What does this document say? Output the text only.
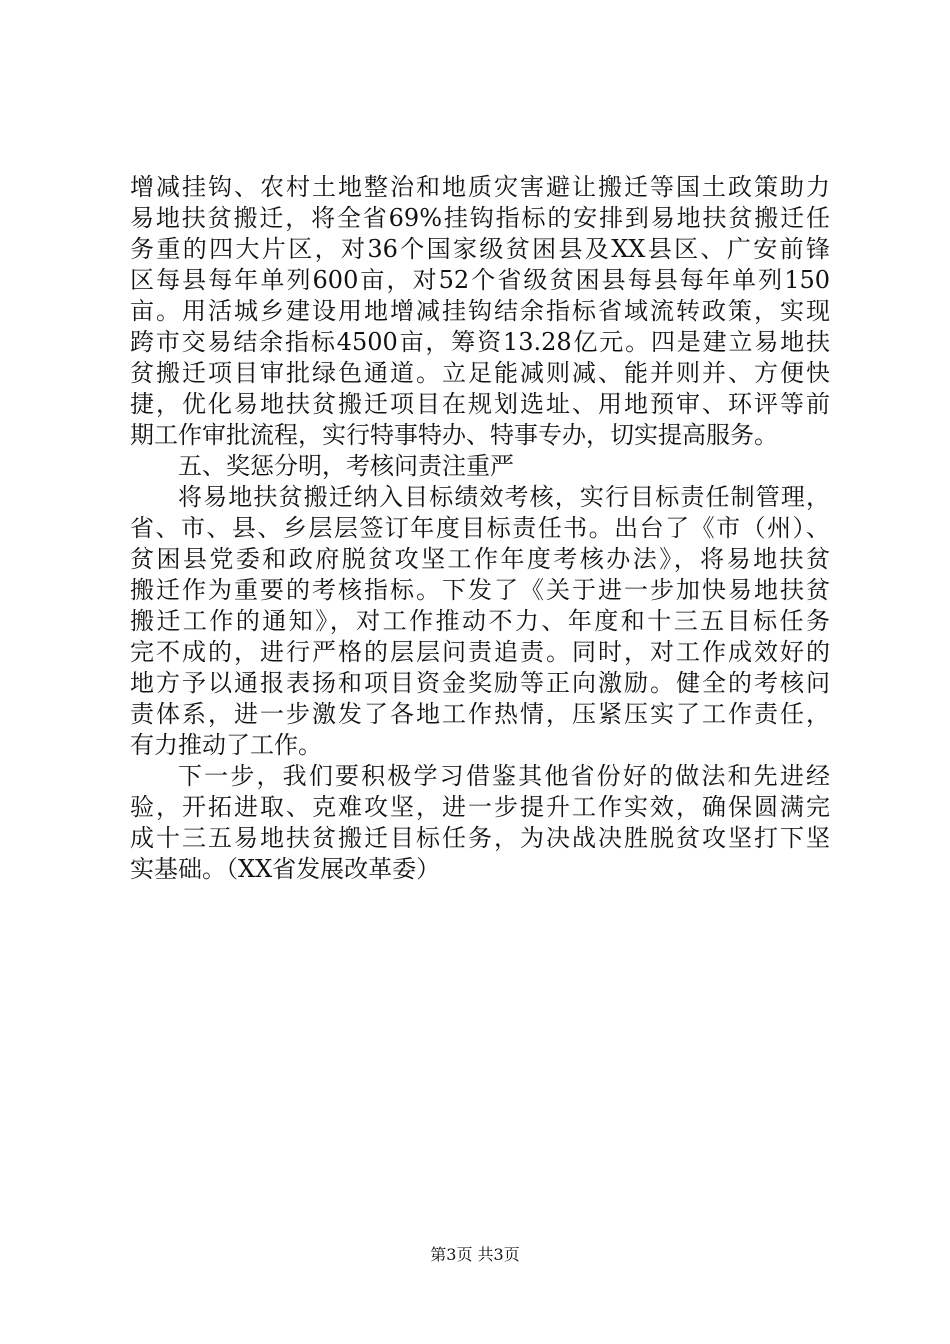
增减挂钩、农村土地整治和地质灾害避让搬迁等国土政策助力
易地扶贫搬迁，将全省69%挂钩指标的安排到易地扶贫搬迁任
务重的四大片区，对36个国家级贫困县及XX县区、广安前锋
区每县每年单列600亩，对52个省级贫困县每县每年单列150
亩。用活城乡建设用地增减挂钩结余指标省域流转政策，实现
跨市交易结余指标4500亩，筹资13.28亿元。四是建立易地扶
贫搬迁项目审批绿色通道。立足能减则减、能并则并、方便快
捷，优化易地扶贫搬迁项目在规划选址、用地预审、环评等前
期工作审批流程，实行特事特办、特事专办，切实提高服务。
五、奖惩分明，考核问责注重严
将易地扶贫搬迁纳入目标绩效考核，实行目标责任制管理，
省、市、县、乡层层签订年度目标责任书。出台了《市（州）、
贫困县党委和政府脱贫攻坚工作年度考核办法》，将易地扶贫
搬迁作为重要的考核指标。下发了《关于进一步加快易地扶贫
搬迁工作的通知》，对工作推动不力、年度和十三五目标任务
完不成的，进行严格的层层问责追责。同时，对工作成效好的
地方予以通报表扬和项目资金奖励等正向激励。健全的考核问
责体系，进一步激发了各地工作热情，压紧压实了工作责任，
有力推动了工作。
下一步，我们要积极学习借鉴其他省份好的做法和先进经
验，开拓进取、克难攻坚，进一步提升工作实效，确保圆满完
成十三五易地扶贫搬迁目标任务，为决战决胜脱贫攻坚打下坚
实基础。（XX省发展改革委）
第3页 共3页
